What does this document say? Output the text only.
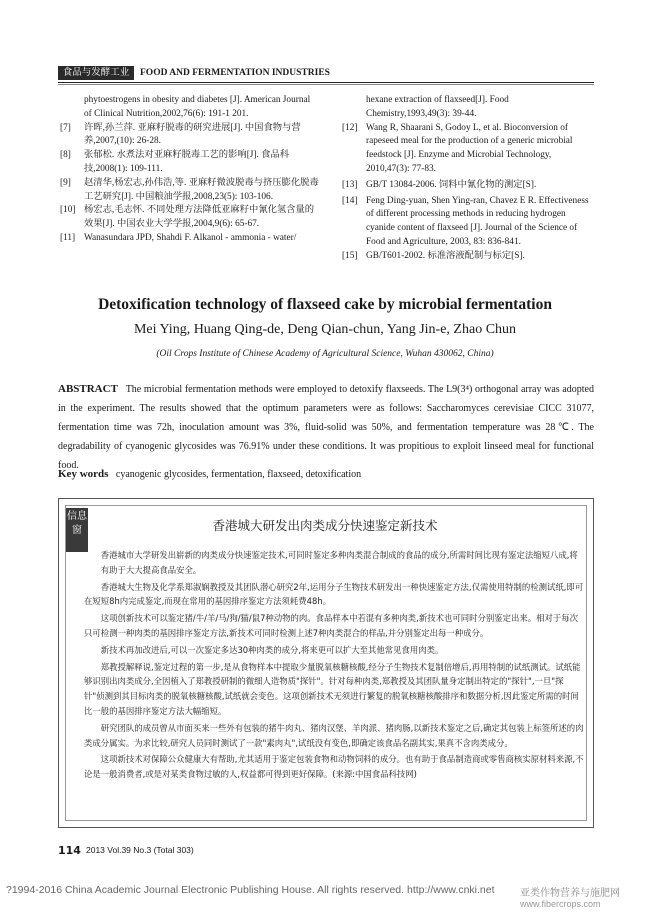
食品与发酵工业	FOOD AND FERMENTATION INDUSTRIES
phytoestrogens in obesity and diabetes [J]. American Journal of Clinical Nutrition,2002,76(6): 191-1 201.
[7] 许晖,孙兰萍. 亚麻籽脱毒的研究进展[J]. 中国食物与营养,2007,(10): 26-28.
[8] 张郁松. 水煮法对亚麻籽脱毒工艺的影响[J]. 食品科技,2008(1): 109-111.
[9] 赵清华,杨宏志,孙伟浩,等. 亚麻籽微波脱毒与挤压膨化脱毒工艺研究[J]. 中国粮油学报,2008,23(5): 103-106.
[10] 杨宏志,毛志怀. 不同处理方法降低亚麻籽中氰化氢含量的效果[J]. 中国农业大学学报,2004,9(6): 65-67.
[11] Wanasundara JPD, Shahdi F. Alkanol - ammonia - water/
hexane extraction of flaxseed[J]. Food Chemistry,1993,49(3): 39-44.
[12] Wang R, Shaarani S, Godoy L, et al. Bioconversion of rapeseed meal for the production of a generic microbial feedstock [J]. Enzyme and Microbial Technology, 2010,47(3): 77-83.
[13] GB/T 13084-2006. 饲料中氰化物的测定[S].
[14] Feng Ding-yuan, Shen Ying-ran, Chavez E R. Effectiveness of different processing methods in reducing hydrogen cyanide content of flaxseed [J]. Journal of the Science of Food and Agriculture, 2003, 83: 836-841.
[15] GB/T601-2002. 标准溶液配制与标定[S].
Detoxification technology of flaxseed cake by microbial fermentation
Mei Ying, Huang Qing-de, Deng Qian-chun, Yang Jin-e, Zhao Chun
(Oil Crops Institute of Chinese Academy of Agricultural Science, Wuhan 430062, China)
ABSTRACT The microbial fermentation methods were employed to detoxify flaxseeds. The L9(3⁴) orthogonal array was adopted in the experiment. The results showed that the optimum parameters were as follows: Saccharomyces cerevisiae CICC 31077, fermentation time was 72h, inoculation amount was 3%, fluid-solid was 50%, and fermentation temperature was 28℃. The degradability of cyanogenic glycosides was 76.91% under these conditions. It was propitious to exploit linseed meal for functional food.
Key words cyanogenic glycosides, fermentation, flaxseed, detoxification
信息窗	香港城大研发出肉类成分快速鉴定新技术

香港城市大学研发出崭新的肉类成分快速鉴定技术,可同时鉴定多种肉类混合制成的食品的成分,所需时间比现有鉴定法缩短八成,将有助于大大提高食品安全。

香港城大生物及化学系郑淑娴教授及其团队潜心研究2年,运用分子生物技术研发出一种快速鉴定方法,仅需使用特制的检测试纸,即可在短短8h内完成鉴定,而现在常用的基因排序鉴定方法须耗费48h。

这项创新技术可以鉴定猪/牛/羊/马/狗/猫/鼠7种动物的肉。食品样本中若混有多种肉类,新技术也可同时分别鉴定出来。相对于每次只可检测一种肉类的基因排序鉴定方法,新技术可同时检测上述7种肉类混合的样品,并分别鉴定出每一种成分。

新技术再加改进后,可以一次鉴定多达30种肉类的成分,将来更可以扩大至其他常见食用肉类。

郑教授解释说,鉴定过程的第一步,是从食物样本中提取少量脱氧核糖核酸,经分子生物技术复制倍增后,再用特制的试纸测试。试纸能够识别出肉类成分,全因植入了郑教授研制的微细人造物质"探针"。针对每种肉类,郑教授及其团队量身定制出特定的"探针",一旦"探针"侦测到其目标肉类的脱氧核糖核酸,试纸就会变色。这项创新技术无须进行繁复的脱氧核糖核酸排序和数据分析,因此鉴定所需的时间比一般的基因排序鉴定方法大幅缩短。

研究团队的成员曾从市面买来一些外有包装的猪牛肉丸、猪肉汉堡、羊肉派、猪肉肠,以新技术鉴定之后,确定其包装上标签所述的肉类成分属实。为求比较,研究人员同时测试了一款"素肉丸",试纸没有变色,即确定该食品名副其实,果真不含肉类成分。

这项新技术对保障公众健康大有帮助,尤其适用于鉴定包装食物和动物饲料的成分。也有助于食品制造商或零售商核实原材料来源,不论是一般消费者,或是对某类食物过敏的人,权益都可得到更好保障。(来源:中国食品科技网)

114 2013 Vol.39 No.3 (Total 303)
?1994-2016 China Academic Journal Electronic Publishing House. All rights reserved. http://www.cnki.net	亚类作物营养与施肥网
www.fibercrops.com
